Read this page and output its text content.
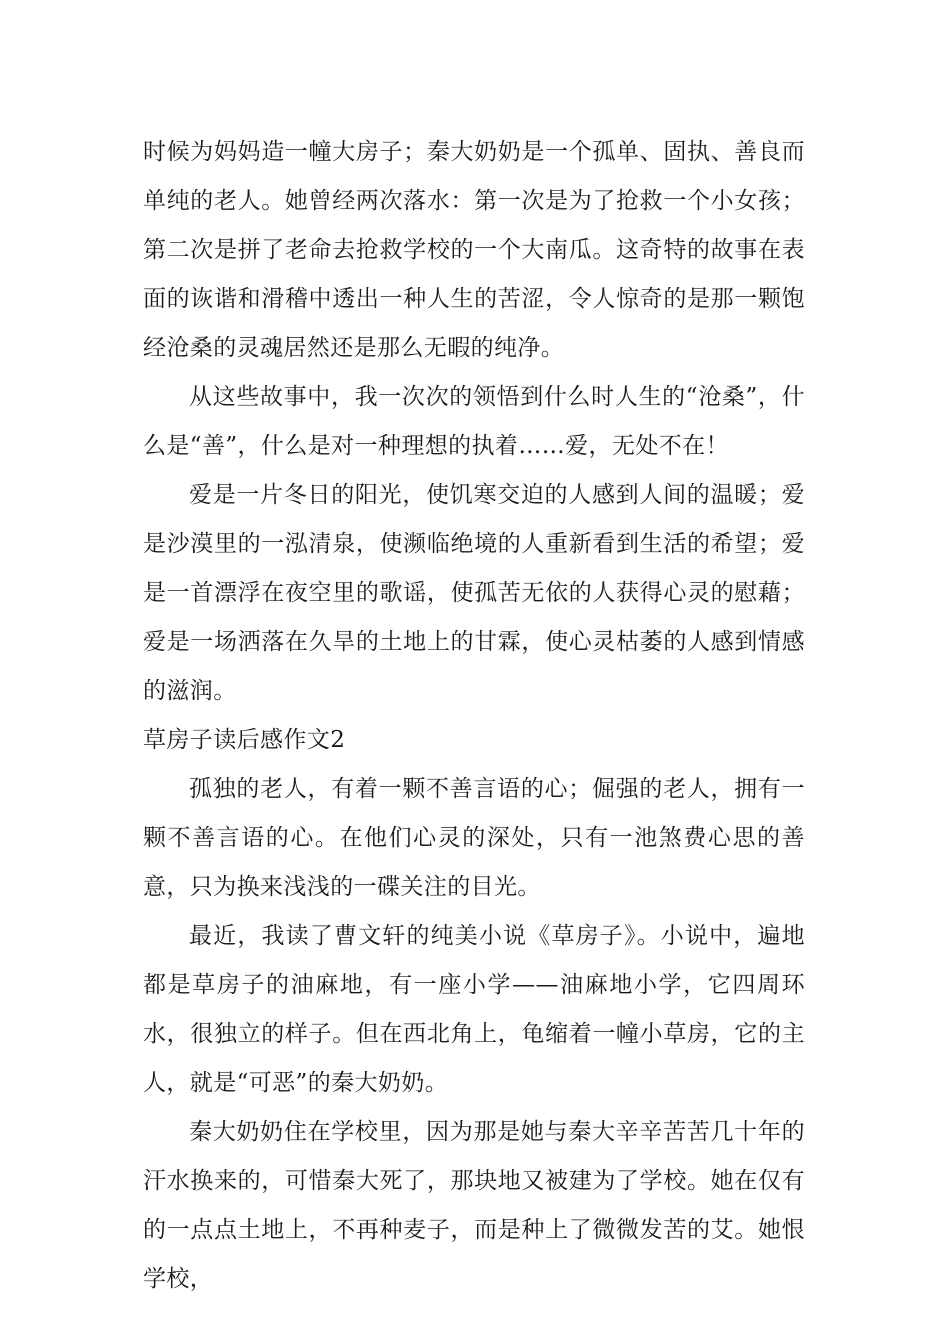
时候为妈妈造一幢大房子；秦大奶奶是一个孤单、固执、善良而单纯的老人。她曾经两次落水：第一次是为了抢救一个小女孩；第二次是拼了老命去抢救学校的一个大南瓜。这奇特的故事在表面的诙谐和滑稽中透出一种人生的苦涩，令人惊奇的是那一颗饱经沧桑的灵魂居然还是那么无暇的纯净。

从这些故事中，我一次次的领悟到什么时人生的“沧桑”，什么是“善”，什么是对一种理想的执着……爱，无处不在！

爱是一片冬日的阳光，使饥寒交迫的人感到人间的温暖；爱是沙漠里的一泓清泉，使濒临绝境的人重新看到生活的希望；爱是一首漂浮在夜空里的歌谣，使孤苦无依的人获得心灵的慰藉；爱是一场洒落在久旱的土地上的甘霖，使心灵枯萎的人感到情感的滋润。

草房子读后感作文2

孤独的老人，有着一颗不善言语的心；倔强的老人，拥有一颗不善言语的心。在他们心灵的深处，只有一池煞费心思的善意，只为换来浅浅的一碟关注的目光。

最近，我读了曹文轩的纯美小说《草房子》。小说中，遍地都是草房子的油麻地，有一座小学——油麻地小学，它四周环水，很独立的样子。但在西北角上，龟缩着一幢小草房，它的主人，就是“可恶”的秦大奶奶。

秦大奶奶住在学校里，因为那是她与秦大辛辛苦苦几十年的汗水换来的，可惜秦大死了，那块地又被建为了学校。她在仅有的一点点土地上，不再种麦子，而是种上了微微发苦的艾。她恨学校，
